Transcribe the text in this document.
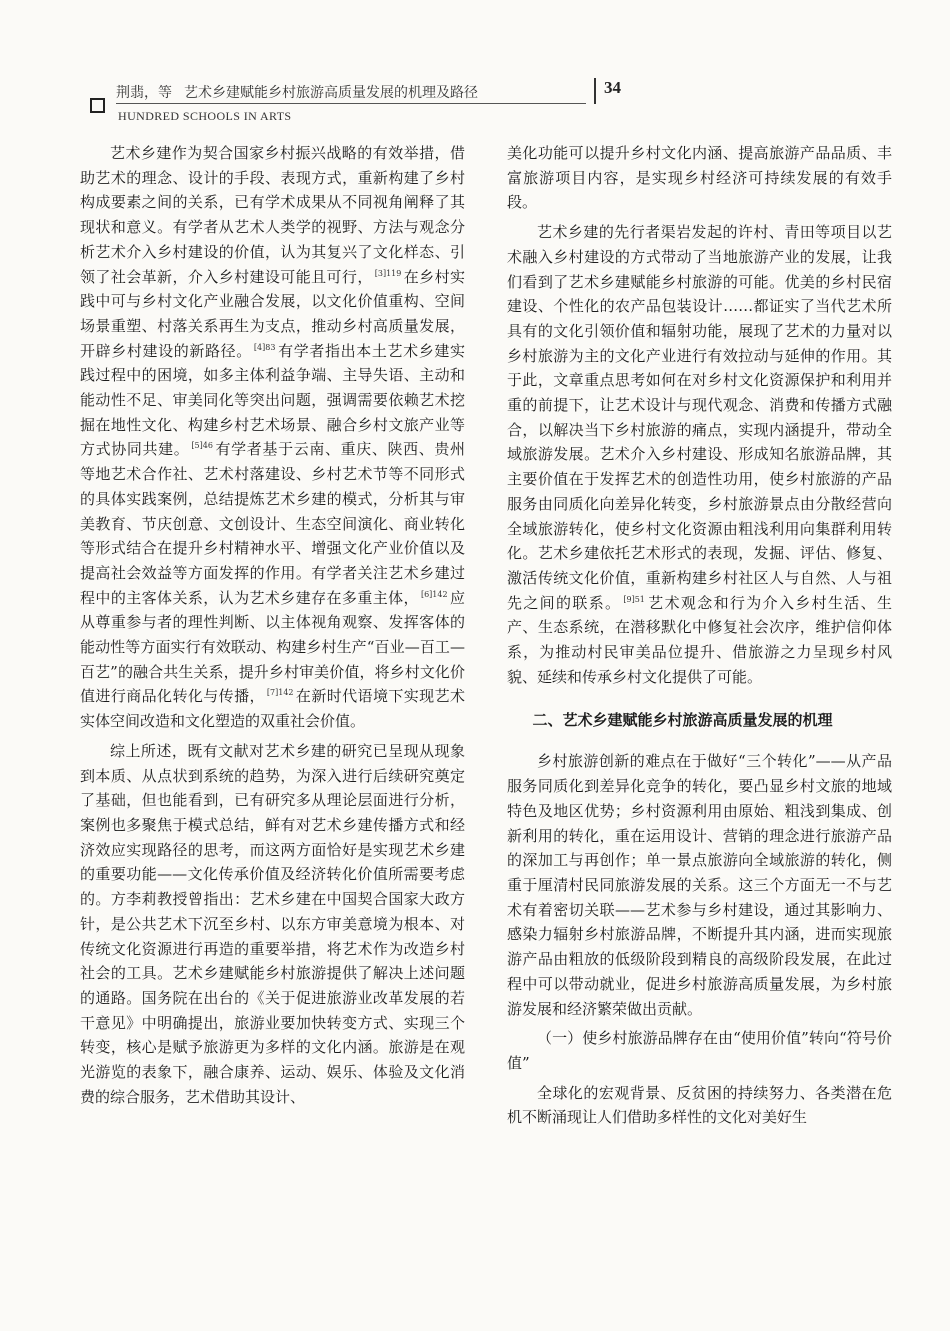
荆翡，等 艺术乡建赋能乡村旅游高质量发展的机理及路径
HUNDRED SCHOOLS IN ARTS
34

艺术乡建作为契合国家乡村振兴战略的有效举措，借助艺术的理念、设计的手段、表现方式，重新构建了乡村构成要素之间的关系，已有学术成果从不同视角阐释了其现状和意义。有学者从艺术人类学的视野、方法与观念分析艺术介入乡村建设的价值，认为其复兴了文化样态、引领了社会革新，介入乡村建设可能且可行， $^{[3]119}$ 在乡村实践中可与乡村文化产业融合发展，以文化价值重构、空间场景重塑、村落关系再生为支点，推动乡村高质量发展，开辟乡村建设的新路径。 $^{[4]83}$ 有学者指出本土艺术乡建实践过程中的困境，如多主体利益争端、主导失语、主动和能动性不足、审美同化等突出问题，强调需要依赖艺术挖掘在地性文化、构建乡村艺术场景、融合乡村文旅产业等方式协同共建。 $^{[5]46}$ 有学者基于云南、重庆、陕西、贵州等地艺术合作社、艺术村落建设、乡村艺术节等不同形式的具体实践案例，总结提炼艺术乡建的模式，分析其与审美教育、节庆创意、文创设计、生态空间演化、商业转化等形式结合在提升乡村精神水平、增强文化产业价值以及提高社会效益等方面发挥的作用。有学者关注艺术乡建过程中的主客体关系，认为艺术乡建存在多重主体， $^{[6]142}$ 应从尊重参与者的理性判断、以主体视角观察、发挥客体的能动性等方面实行有效联动、构建乡村生产“百业—百工—百艺”的融合共生关系，提升乡村审美价值，将乡村文化价值进行商品化转化与传播， $^{[7]142}$ 在新时代语境下实现艺术实体空间改造和文化塑造的双重社会价值。

综上所述，既有文献对艺术乡建的研究已呈现从现象到本质、从点状到系统的趋势，为深入进行后续研究奠定了基础，但也能看到，已有研究多从理论层面进行分析，案例也多聚焦于模式总结，鲜有对艺术乡建传播方式和经济效应实现路径的思考，而这两方面恰好是实现艺术乡建的重要功能——文化传承价值及经济转化价值所需要考虑的。方李莉教授曾指出：艺术乡建在中国契合国家大政方针，是公共艺术下沉至乡村、以东方审美意境为根本、对传统文化资源进行再造的重要举措，将艺术作为改造乡村社会的工具。艺术乡建赋能乡村旅游提供了解决上述问题的通路。国务院在出台的《关于促进旅游业改革发展的若干意见》中明确提出，旅游业要加快转变方式、实现三个转变，核心是赋予旅游更为多样的文化内涵。旅游是在观光游览的表象下，融合康养、运动、娱乐、体验及文化消费的综合服务，艺术借助其设计、

美化功能可以提升乡村文化内涵、提高旅游产品品质、丰富旅游项目内容，是实现乡村经济可持续发展的有效手段。

艺术乡建的先行者渠岩发起的许村、青田等项目以艺术融入乡村建设的方式带动了当地旅游产业的发展，让我们看到了艺术乡建赋能乡村旅游的可能。优美的乡村民宿建设、个性化的农产品包装设计……都证实了当代艺术所具有的文化引领价值和辐射功能，展现了艺术的力量对以乡村旅游为主的文化产业进行有效拉动与延伸的作用。其于此，文章重点思考如何在对乡村文化资源保护和利用并重的前提下，让艺术设计与现代观念、消费和传播方式融合，以解决当下乡村旅游的痛点，实现内涵提升，带动全域旅游发展。艺术介入乡村建设、形成知名旅游品牌，其主要价值在于发挥艺术的创造性功用，使乡村旅游的产品服务由同质化向差异化转变，乡村旅游景点由分散经营向全域旅游转化，使乡村文化资源由粗浅利用向集群利用转化。艺术乡建依托艺术形式的表现，发掘、评估、修复、激活传统文化价值，重新构建乡村社区人与自然、人与祖先之间的联系。 $^{[9]51}$ 艺术观念和行为介入乡村生活、生产、生态系统，在潜移默化中修复社会次序，维护信仰体系，为推动村民审美品位提升、借旅游之力呈现乡村风貌、延续和传承乡村文化提供了可能。

二、艺术乡建赋能乡村旅游高质量发展的机理

乡村旅游创新的难点在于做好“三个转化”——从产品服务同质化到差异化竞争的转化，要凸显乡村文旅的地域特色及地区优势；乡村资源利用由原始、粗浅到集成、创新利用的转化，重在运用设计、营销的理念进行旅游产品的深加工与再创作；单一景点旅游向全域旅游的转化，侧重于厘清村民同旅游发展的关系。这三个方面无一不与艺术有着密切关联——艺术参与乡村建设，通过其影响力、感染力辐射乡村旅游品牌，不断提升其内涵，进而实现旅游产品由粗放的低级阶段到精良的高级阶段发展，在此过程中可以带动就业，促进乡村旅游高质量发展，为乡村旅游发展和经济繁荣做出贡献。

（一）使乡村旅游品牌存在由“使用价值”转向“符号价值”

全球化的宏观背景、反贫困的持续努力、各类潜在危机不断涌现让人们借助多样性的文化对美好生
